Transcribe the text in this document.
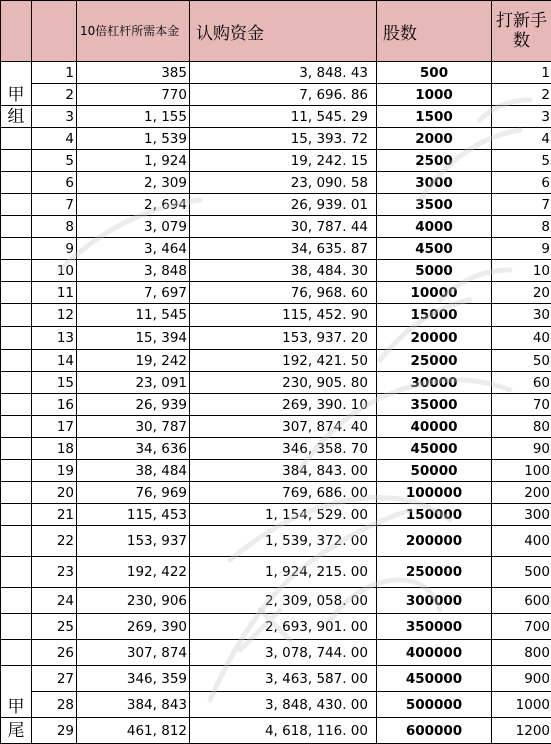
		10倍杠杆所需本金	认购资金	股数	打新手数
甲	1	385	3, 848. 43	500	1
	2	770	7, 696. 86	1000	2
组	3	1, 155	11, 545. 29	1500	3
	4	1, 539	15, 393. 72	2000	4
	5	1, 924	19, 242. 15	2500	5
	6	2, 309	23, 090. 58	3000	6
	7	2, 694	26, 939. 01	3500	7
	8	3, 079	30, 787. 44	4000	8
	9	3, 464	34, 635. 87	4500	9
	10	3, 848	38, 484. 30	5000	10
	11	7, 697	76, 968. 60	10000	20
	12	11, 545	115, 452. 90	15000	30
	13	15, 394	153, 937. 20	20000	40
	14	19, 242	192, 421. 50	25000	50
	15	23, 091	230, 905. 80	30000	60
	16	26, 939	269, 390. 10	35000	70
	17	30, 787	307, 874. 40	40000	80
	18	34, 636	346, 358. 70	45000	90
	19	38, 484	384, 843. 00	50000	100
	20	76, 969	769, 686. 00	100000	200
	21	115, 453	1, 154, 529. 00	150000	300
	22	153, 937	1, 539, 372. 00	200000	400
	23	192, 422	1, 924, 215. 00	250000	500
	24	230, 906	2, 309, 058. 00	300000	600
	25	269, 390	2, 693, 901. 00	350000	700
	26	307, 874	3, 078, 744. 00	400000	800
甲	27	346, 359	3, 463, 587. 00	450000	900
	28	384, 843	3, 848, 430. 00	500000	1000
尾	29	461, 812	4, 618, 116. 00	600000	1200
